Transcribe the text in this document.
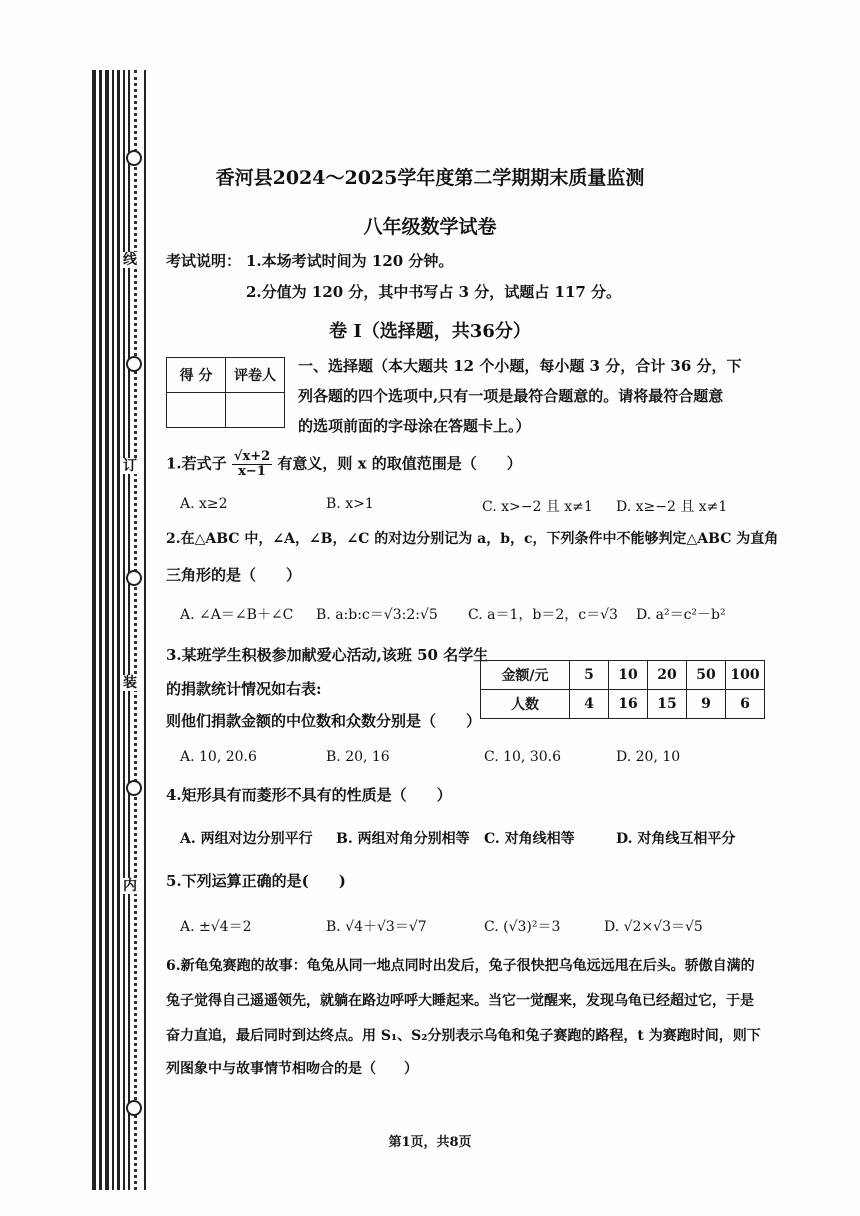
线
订
装
内
香河县2024～2025学年度第二学期期末质量监测
八年级数学试卷
考试说明： 1.本场考试时间为 120 分钟。
2.分值为 120 分，其中书写占 3 分，试题占 117 分。
卷 Ⅰ（选择题，共36分）
得 分	评卷人

一、选择题（本大题共 12 个小题，每小题 3 分，合计 36 分，下
列各题的四个选项中,只有一项是最符合题意的。请将最符合题意
的选项前面的字母涂在答题卡上。）
1.若式子 $\frac{√x+2}{x-1}$ 有意义，则 x 的取值范围是（　　）
A. x≥2	B. x>1	C. x>−2 且 x≠1 D. x≥−2 且 x≠1
2.在△ABC 中，∠A，∠B，∠C 的对边分别记为 a，b，c，下列条件中不能够判定△ABC 为直角
三角形的是（　　）
A. ∠A＝∠B＋∠C B. a:b:c＝√3:2:√5 C. a＝1，b＝2，c＝√3 D. a²＝c²－b²
3.某班学生积极参加献爱心活动,该班 50 名学生
的捐款统计情况如右表:
则他们捐款金额的中位数和众数分别是（　　）
金额/元	5	10	20	50	100
人数	4	16	15	9	6
A. 10, 20.6	B. 20, 16	C. 10, 30.6	D. 20, 10
4.矩形具有而菱形不具有的性质是（　　）
A. 两组对边分别平行 B. 两组对角分别相等 C. 对角线相等	D. 对角线互相平分
5.下列运算正确的是(　　)
A. ±√4＝2	B. √4＋√3＝√7	C. (√3)²＝3	D. √2×√3＝√5
6.新龟兔赛跑的故事：龟兔从同一地点同时出发后，兔子很快把乌龟远远甩在后头。骄傲自满的
兔子觉得自己遥遥领先，就躺在路边呼呼大睡起来。当它一觉醒来，发现乌龟已经超过它，于是
奋力直追，最后同时到达终点。用 S₁、S₂分别表示乌龟和兔子赛跑的路程，t 为赛跑时间，则下
列图象中与故事情节相吻合的是（　　）
第1页，共8页
